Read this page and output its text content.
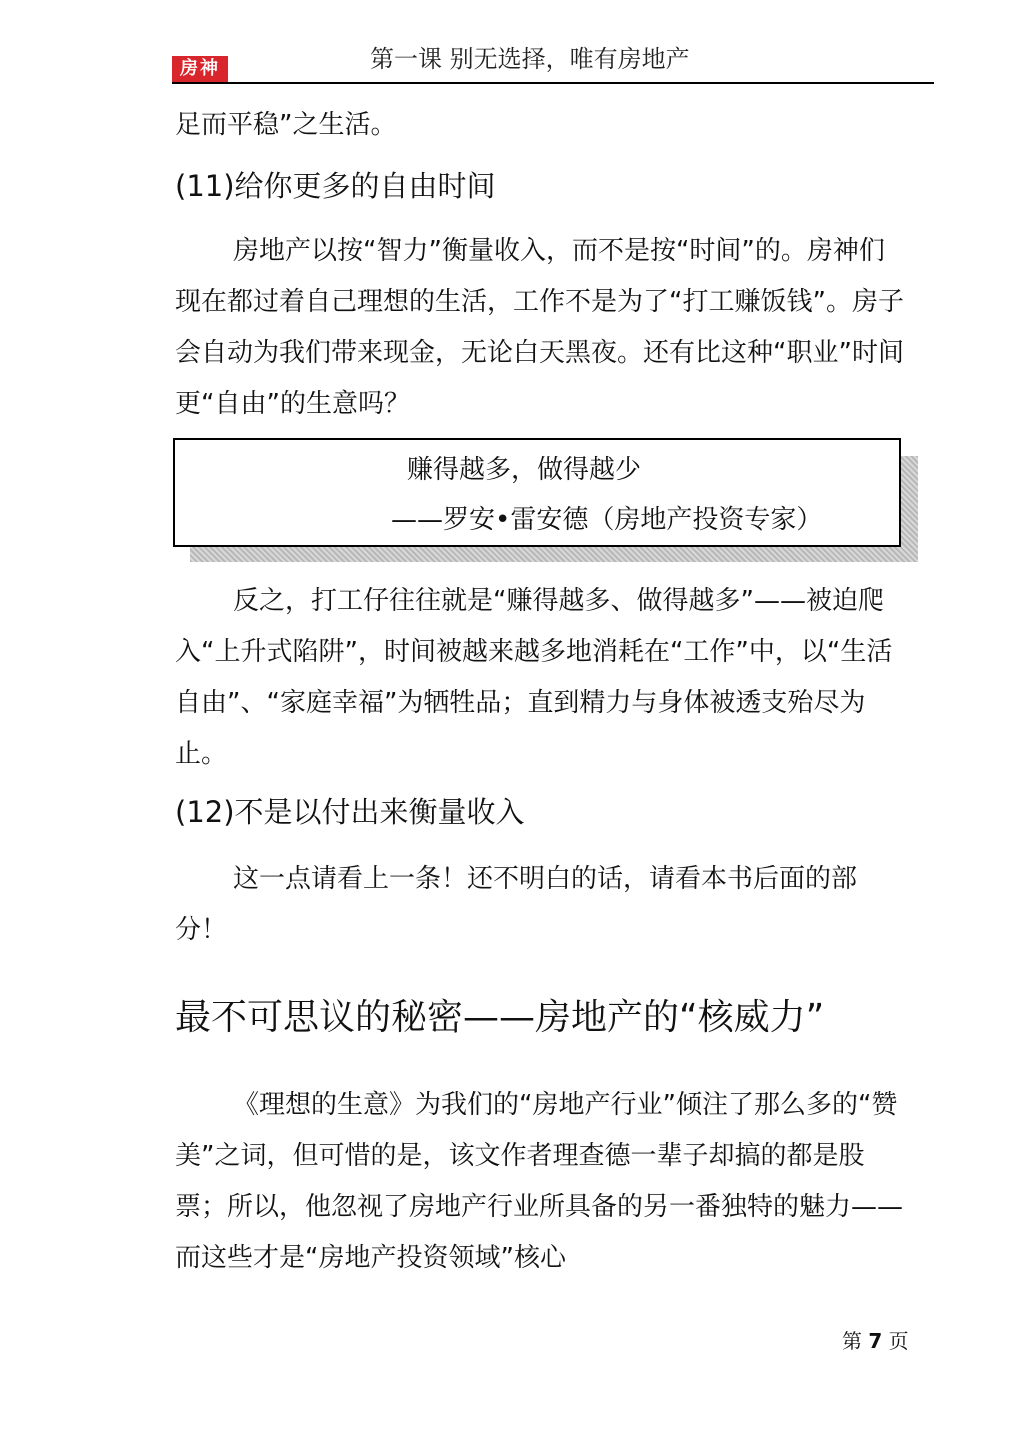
房神	第一课 别无选择，唯有房地产

足而平稳”之生活。

(11)给你更多的自由时间

房地产以按“智力”衡量收入，而不是按“时间”的。房神们现在都过着自己理想的生活，工作不是为了“打工赚饭钱”。房子会自动为我们带来现金，无论白天黑夜。还有比这种“职业”时间更“自由”的生意吗？

赚得越多，做得越少
——罗安•雷安德（房地产投资专家）

反之，打工仔往往就是“赚得越多、做得越多”——被迫爬入“上升式陷阱”，时间被越来越多地消耗在“工作”中，以“生活自由”、“家庭幸福”为牺牲品；直到精力与身体被透支殆尽为止。

(12)不是以付出来衡量收入

这一点请看上一条！还不明白的话，请看本书后面的部分！

最不可思议的秘密——房地产的“核威力”

《理想的生意》为我们的“房地产行业”倾注了那么多的“赞美”之词，但可惜的是，该文作者理查德一辈子却搞的都是股票；所以，他忽视了房地产行业所具备的另一番独特的魅力——而这些才是“房地产投资领域”核心

第 7 页
